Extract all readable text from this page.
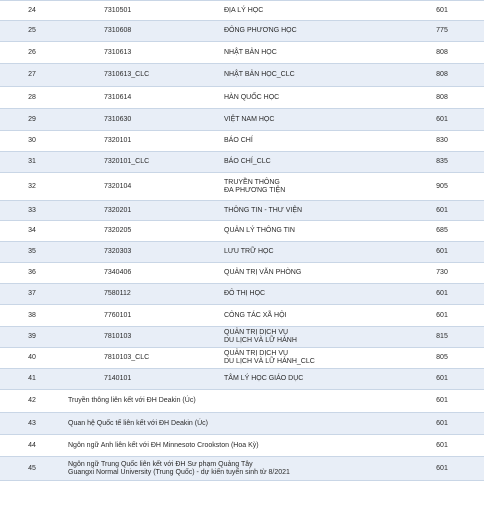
24	7310501	ĐỊA LÝ HỌC	601

25	7310608	ĐÔNG PHƯƠNG HỌC	775

26	7310613	NHẬT BẢN HỌC	808

27	7310613_CLC	NHẬT BẢN HỌC_CLC	808

28	7310614	HÀN QUỐC HỌC	808

29	7310630	VIỆT NAM HỌC	601

30	7320101	BÁO CHÍ	830

31	7320101_CLC	BÁO CHÍ_CLC	835

32	7320104	TRUYỀN THÔNG
ĐA PHƯƠNG TIỆN	905

33	7320201	THÔNG TIN - THƯ VIỆN	601

34	7320205	QUẢN LÝ THÔNG TIN	685

35	7320303	LƯU TRỮ HỌC	601

36	7340406	QUẢN TRỊ VĂN PHÒNG	730

37	7580112	ĐÔ THỊ HỌC	601

38	7760101	CÔNG TÁC XÃ HỘI	601

39	7810103	QUẢN TRỊ DỊCH VỤ
DU LỊCH VÀ LỮ HÀNH	815

40	7810103_CLC	QUẢN TRỊ DỊCH VỤ
DU LỊCH VÀ LỮ HÀNH_CLC	805

41	7140101	TÂM LÝ HỌC GIÁO DỤC	601

42	Truyền thông liên kết với ĐH Deakin (Úc)		601

43	Quan hệ Quốc tế liên kết với ĐH Deakin (Úc)		601

44	Ngôn ngữ Anh liên kết với ĐH Minnesoto Crookston (Hoa Kỳ)		601

45	Ngôn ngữ Trung Quốc liên kết với ĐH Sư phạm Quảng Tây
Guangxi Normal University (Trung Quốc) - dự kiến tuyển sinh từ 8/2021		601
